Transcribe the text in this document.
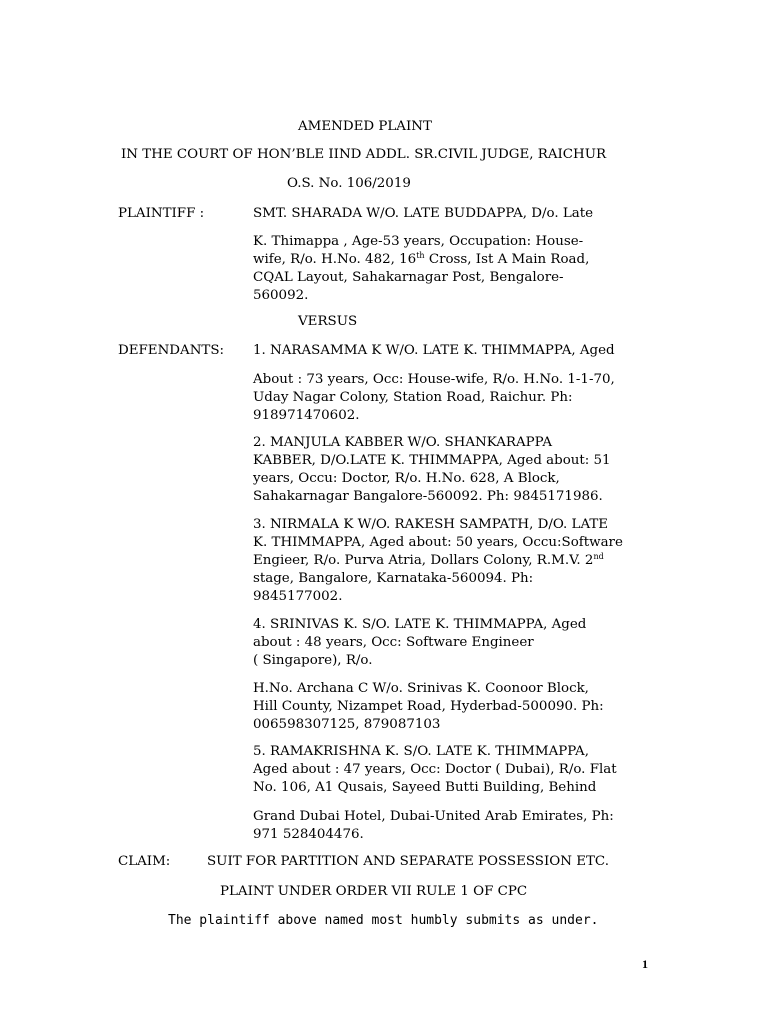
AMENDED PLAINT
IN THE COURT OF HON’BLE IIND ADDL. SR.CIVIL JUDGE, RAICHUR
O.S. No. 106/2019
PLAINTIFF :	SMT. SHARADA W/O. LATE BUDDAPPA, D/o. Late
K. Thimappa , Age-53 years, Occupation: House-
wife, R/o. H.No. 482, 16th Cross, Ist A Main Road,
CQAL Layout, Sahakarnagar Post, Bengalore-
560092.
VERSUS
DEFENDANTS: 1. NARASAMMA K W/O. LATE K. THIMMAPPA, Aged
About : 73 years, Occ: House-wife, R/o. H.No. 1-1-70,
Uday Nagar Colony, Station Road, Raichur. Ph:
918971470602.
2. MANJULA KABBER W/O. SHANKARAPPA
KABBER, D/O.LATE K. THIMMAPPA, Aged about: 51
years, Occu: Doctor, R/o. H.No. 628, A Block,
Sahakarnagar Bangalore-560092. Ph: 9845171986.
3. NIRMALA K W/O. RAKESH SAMPATH, D/O. LATE
K. THIMMAPPA, Aged about: 50 years, Occu:Software
Engieer, R/o. Purva Atria, Dollars Colony, R.M.V. 2nd
stage, Bangalore, Karnataka-560094. Ph:
9845177002.
4. SRINIVAS K. S/O. LATE K. THIMMAPPA, Aged
about : 48 years, Occ: Software Engineer
( Singapore), R/o.
H.No. Archana C W/o. Srinivas K. Coonoor Block,
Hill County, Nizampet Road, Hyderbad-500090. Ph:
006598307125, 879087103
5. RAMAKRISHNA K. S/O. LATE K. THIMMAPPA,
Aged about : 47 years, Occ: Doctor ( Dubai), R/o. Flat
No. 106, A1 Qusais, Sayeed Butti Building, Behind
Grand Dubai Hotel, Dubai-United Arab Emirates, Ph:
971 528404476.
CLAIM:	SUIT FOR PARTITION AND SEPARATE POSSESSION ETC.
PLAINT UNDER ORDER VII RULE 1 OF CPC
The plaintiff above named most humbly submits as under.
1
